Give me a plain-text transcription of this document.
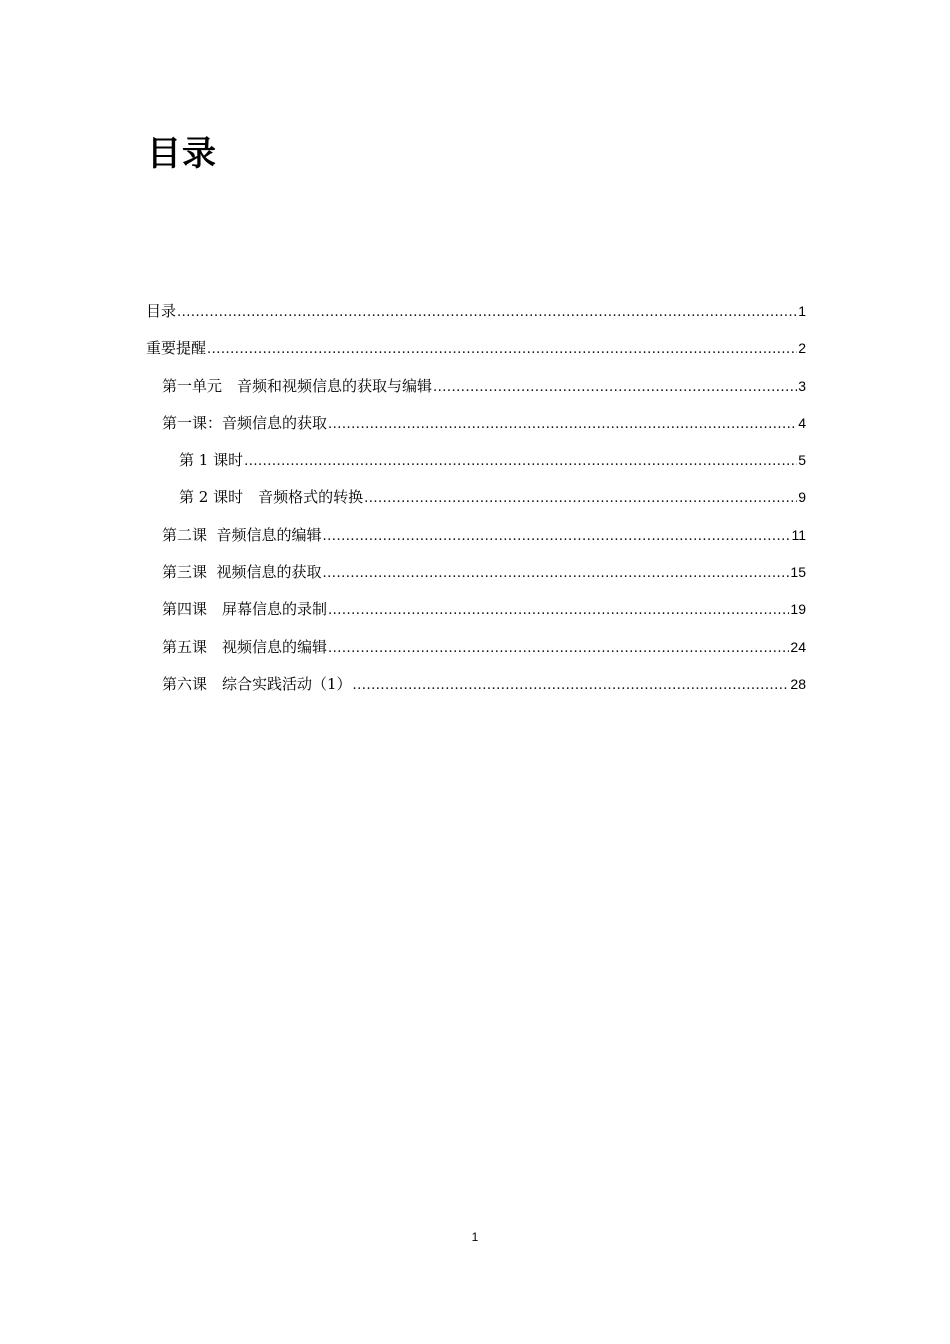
目录
目录 .....	1
重要提醒 .....	2
第一单元　音频和视频信息的获取与编辑 .....	3
第一课：音频信息的获取 .....	4
第 1 课时 .....	5
第 2 课时　音频格式的转换 .....	9
第二课  音频信息的编辑 .....	11
第三课  视频信息的获取 .....	15
第四课　屏幕信息的录制 .....	19
第五课　视频信息的编辑 .....	24
第六课　综合实践活动（1） .....	28
1
